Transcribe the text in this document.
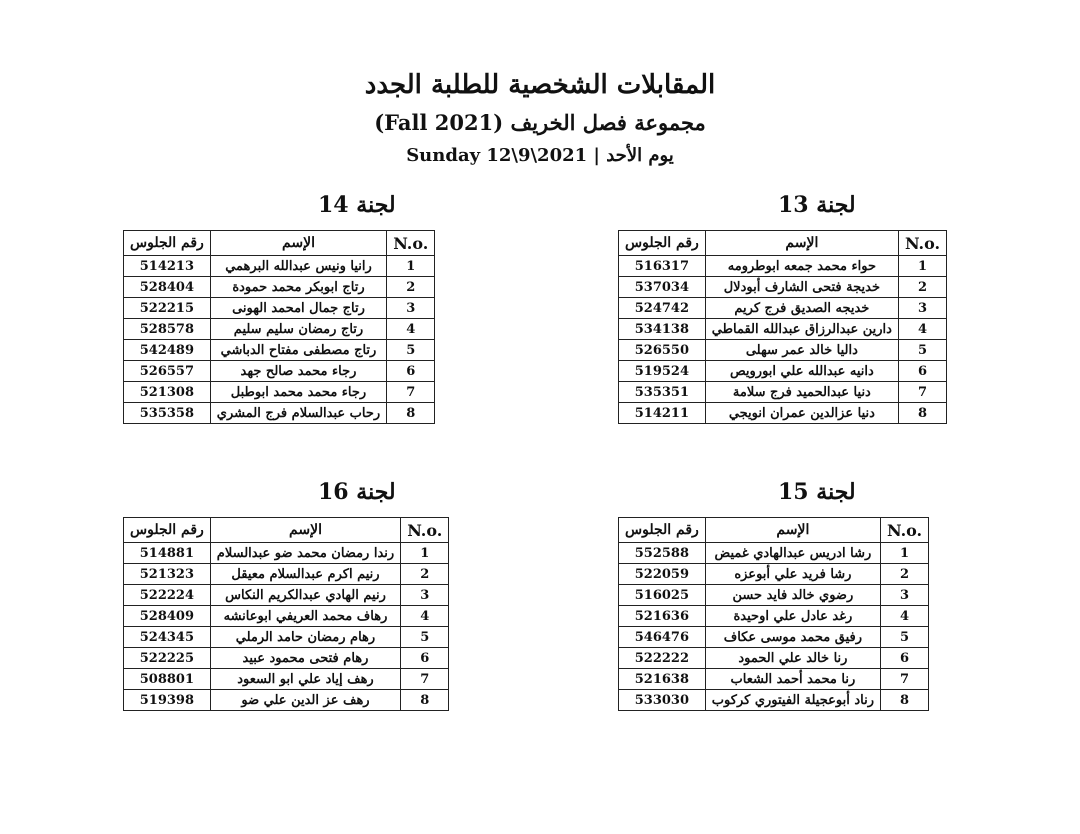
المقابلات الشخصية للطلبة الجدد
مجموعة فصل الخريف (Fall 2021)
يوم الأحد | Sunday 12\9\2021
لجنة 13
رقم الجلوس	الإسم	N.o.
516317	حواء محمد جمعه ابوطرومه	1
537034	خديجة فتحى الشارف أبودلال	2
524742	خديجه الصديق فرج كريم	3
534138	دارين عبدالرزاق عبدالله القماطي	4
526550	داليا خالد عمر سهلى	5
519524	دانيه عبدالله علي ابورويص	6
535351	دنيا عبدالحميد فرج سلامة	7
514211	دنيا عزالدين عمران انويجي	8
لجنة 14
رقم الجلوس	الإسم	N.o.
514213	رانيا ونيس عبدالله البرهمي	1
528404	رتاج ابوبكر محمد حمودة	2
522215	رتاج جمال امحمد الهونى	3
528578	رتاج رمضان سليم سليم	4
542489	رتاج مصطفى مفتاح الدباشي	5
526557	رجاء محمد صالح جهد	6
521308	رجاء محمد محمد ابوطبل	7
535358	رحاب عبدالسلام فرج المشري	8
لجنة 15
رقم الجلوس	الإسم	N.o.
552588	رشا ادريس عبدالهادي غميض	1
522059	رشا فريد علي أبوعزه	2
516025	رضوي خالد فايد حسن	3
521636	رغد عادل علي اوحيدة	4
546476	رفيق محمد موسى عكاف	5
522222	رنا خالد علي الحمود	6
521638	رنا محمد أحمد الشعاب	7
533030	رناد أبوعجيلة الفيتوري كركوب	8
لجنة 16
رقم الجلوس	الإسم	N.o.
514881	رندا رمضان محمد ضو عبدالسلام	1
521323	رنيم اكرم عبدالسلام معيقل	2
522224	رنيم الهادي عبدالكريم النكاس	3
528409	رهاف محمد العريفي ابوعانشه	4
524345	رهام رمضان حامد الرملي	5
522225	رهام فتحى محمود عبيد	6
508801	رهف إياد علي ابو السعود	7
519398	رهف عز الدين علي ضو	8
